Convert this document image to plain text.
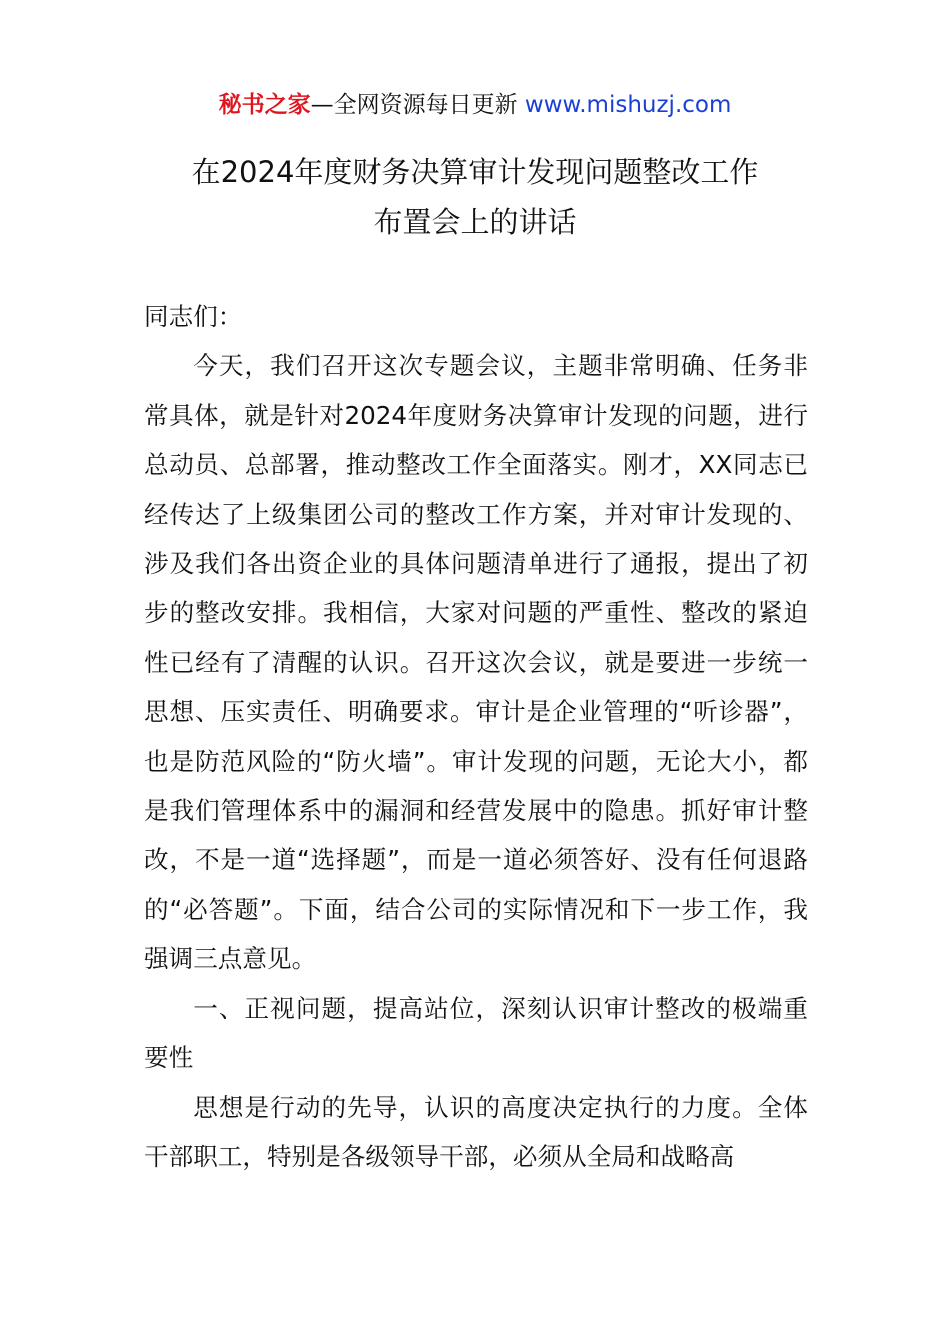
秘书之家—全网资源每日更新 www.mishuzj.com
在2024年度财务决算审计发现问题整改工作
布置会上的讲话

同志们：

今天，我们召开这次专题会议，主题非常明确、任务非常具体，就是针对2024年度财务决算审计发现的问题，进行总动员、总部署，推动整改工作全面落实。刚才，XX同志已经传达了上级集团公司的整改工作方案，并对审计发现的、涉及我们各出资企业的具体问题清单进行了通报，提出了初步的整改安排。我相信，大家对问题的严重性、整改的紧迫性已经有了清醒的认识。召开这次会议，就是要进一步统一思想、压实责任、明确要求。审计是企业管理的“听诊器”，也是防范风险的“防火墙”。审计发现的问题，无论大小，都是我们管理体系中的漏洞和经营发展中的隐患。抓好审计整改，不是一道“选择题”，而是一道必须答好、没有任何退路的“必答题”。下面，结合公司的实际情况和下一步工作，我强调三点意见。

一、正视问题，提高站位，深刻认识审计整改的极端重要性

思想是行动的先导，认识的高度决定执行的力度。全体干部职工，特别是各级领导干部，必须从全局和战略高
